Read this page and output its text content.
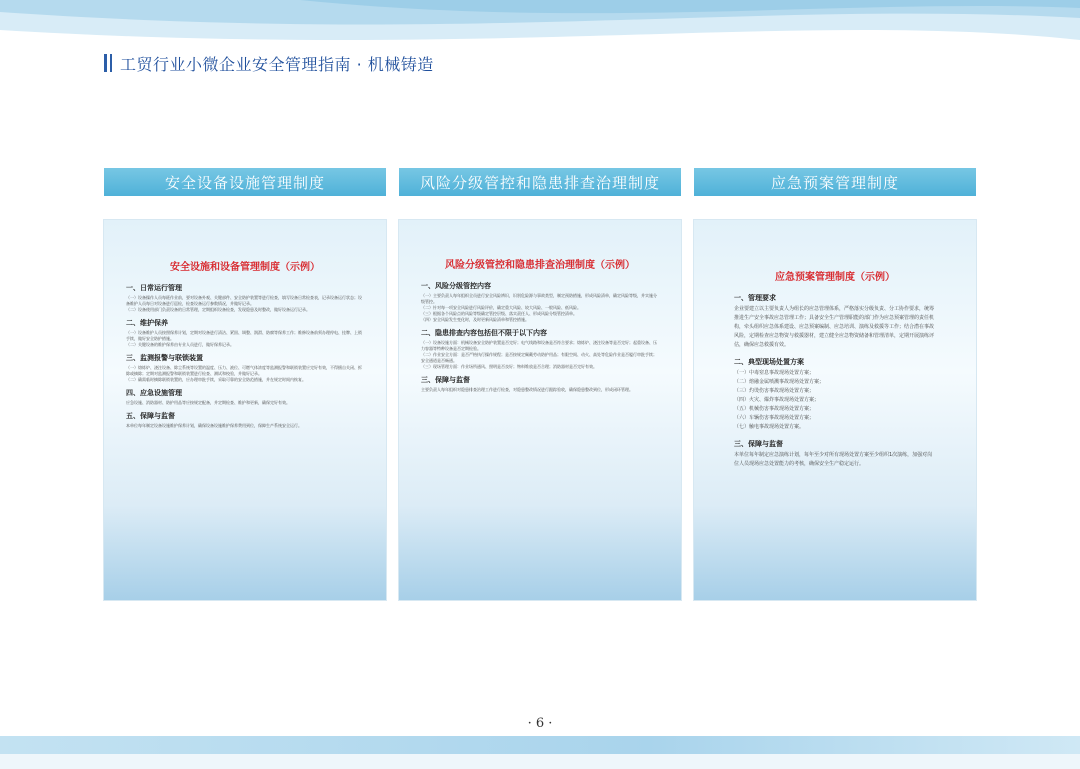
工贸行业小微企业安全管理指南 · 机械铸造
安全设备设施管理制度	风险分级管控和隐患排查治理制度	应急预案管理制度
安全设施和设备管理制度（示例）
一、日常运行管理
（一）设备操作人员每班作业前，要对设备外观、关键部件、安全防护装置等进行检查，填写设备日常检查表，记录设备运行状态；设备维护人员每日对设备进行巡检，检查设备运行参数情况，并做好记录。
（二）设备使用部门负责设备的日常管理，定期组织设备检查，发现隐患及时整改，做好设备运行记录。
二、维护保养
（一）设备维护人员按照保养计划，定期对设备进行清洁、紧固、调整、润滑、防腐等保养工作；维修设备前须办理停电、挂牌、上锁手续，做好安全防护措施。
（二）关键设备的维护保养由专业人员进行，做好保养记录。
三、监测报警与联锁装置
（一）熔炼炉、浇注设备、除尘系统等设置的温度、压力、液位、可燃气体浓度等监测报警和联锁装置应完好有效，不得擅自关闭、拆除或摘除；定期对监测报警和联锁装置进行检查、测试和校验，并做好记录。
（二）确需临时摘除联锁装置的，应办理审批手续，采取可靠的安全防范措施，并在规定时间内恢复。
四、应急设施管理
应急设施、消防器材、防护用品等应按规定配备，并定期检查、维护和更新，确保完好有效。
五、保障与监督
本单位每年制定设备设施维护保养计划，确保设备设施维护保养费用到位，保障生产系统安全运行。
风险分级管控和隐患排查治理制度（示例）
一、风险分级管控内容
（一）主要负责人每年组织全员进行安全风险辨识，识别危险源与事故类型，制定预防措施，形成风险清单，确定风险等级，并实施分级管控。
（二）针对每一项安全风险进行风险评价，确定重大风险、较大风险、一般风险、低风险。
（三）根据各个风险点的风险等级确定管控层级、落实责任人、形成风险分级管控清单。
（四）安全风险发生变化时，及时更新风险清单和管控措施。
二、隐患排查内容包括但不限于以下内容
（一）设备设施方面：机械设备安全防护装置是否完好；电气线路和设备是否符合要求；熔炼炉、浇注设备等是否完好；起重设备、压力容器等特种设备是否定期检验。
（二）作业安全方面：是否严格执行操作规程；是否按规定佩戴劳动防护用品；有限空间、动火、高处等危险作业是否履行审批手续；安全通道是否畅通。
（三）现场管理方面：作业场所通风、照明是否良好；物料堆放是否合理；消防器材是否完好有效。
三、保障与监督
主要负责人每年组织对隐患排查治理工作进行检查，对隐患整改情况进行跟踪验收，确保隐患整改到位，形成闭环管理。
应急预案管理制度（示例）
一、管理要求
企业要建立以主要负责人为组长的应急管理体系，严格落实分级负责、分工协作要求，统筹推进生产安全事故应急管理工作；具备安全生产管理职能的部门作为应急预案管理的责任机构，牵头组织应急体系建设、应急预案编制、应急培训、演练及救援等工作；结合潜在事故风险，定期检查应急物资与救援器材，建立健全应急物资储备和管理清单，定期开展演练评估，确保应急救援有效。
二、典型现场处置方案
（一）中毒窒息事故现场处置方案；
（二）熔融金属喷溅事故现场处置方案；
（三）灼烫伤害事故现场处置方案；
（四）火灾、爆炸事故现场处置方案；
（五）机械伤害事故现场处置方案；
（六）车辆伤害事故现场处置方案；
（七）触电事故现场处置方案。
三、保障与监督
本单位每年制定应急演练计划，每年至少对所有现场处置方案至少组织1次演练，加强对岗位人员现场应急处置能力的考核，确保安全生产稳定运行。
· 6 ·
